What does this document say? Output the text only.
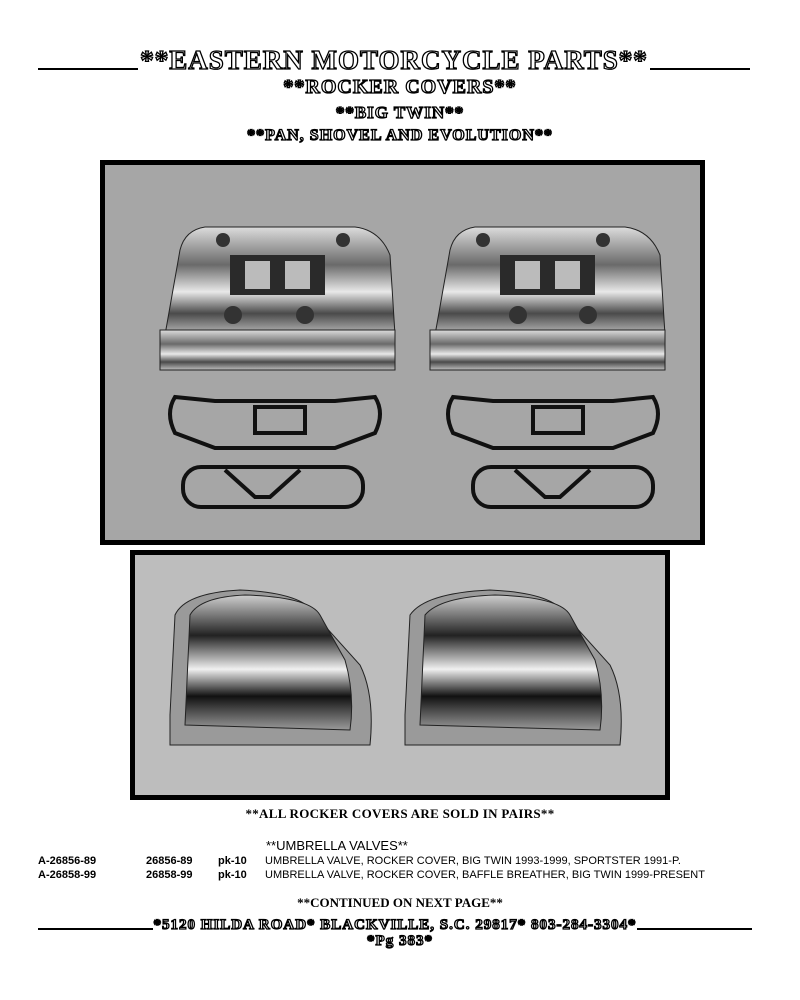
**EASTERN MOTORCYCLE PARTS**
**ROCKER COVERS**
**BIG TWIN**
**PAN, SHOVEL AND EVOLUTION**
**ALL ROCKER COVERS ARE SOLD IN PAIRS**
**UMBRELLA VALVES**
A-26856-89	26856-89 pk-10 UMBRELLA VALVE, ROCKER COVER, BIG TWIN 1993-1999, SPORTSTER 1991-P.
A-26858-99	26858-99 pk-10 UMBRELLA VALVE, ROCKER COVER, BAFFLE BREATHER, BIG TWIN 1999-PRESENT
**CONTINUED ON NEXT PAGE**
*5120 HILDA ROAD* BLACKVILLE, S.C. 29817* 803-284-3304*
*Pg 383*
